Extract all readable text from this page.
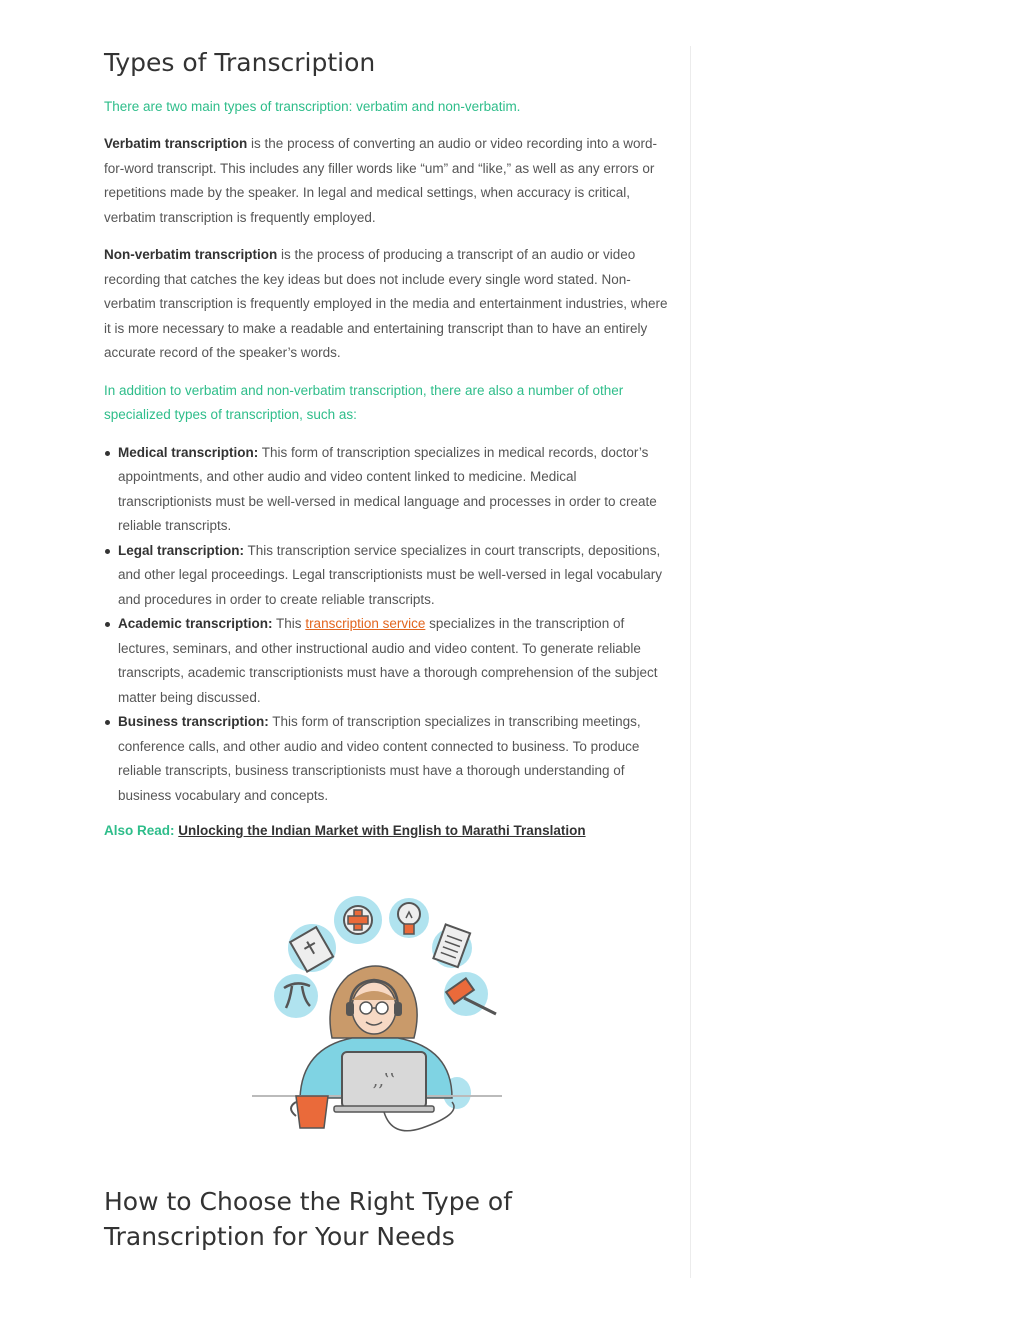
Types of Transcription

There are two main types of transcription: verbatim and non-verbatim.

Verbatim transcription is the process of converting an audio or video recording into a word-for-word transcript. This includes any filler words like “um” and “like,” as well as any errors or repetitions made by the speaker. In legal and medical settings, when accuracy is critical, verbatim transcription is frequently employed.

Non-verbatim transcription is the process of producing a transcript of an audio or video recording that catches the key ideas but does not include every single word stated. Non-verbatim transcription is frequently employed in the media and entertainment industries, where it is more necessary to make a readable and entertaining transcript than to have an entirely accurate record of the speaker’s words.

In addition to verbatim and non-verbatim transcription, there are also a number of other specialized types of transcription, such as:

Medical transcription: This form of transcription specializes in medical records, doctor’s appointments, and other audio and video content linked to medicine. Medical transcriptionists must be well-versed in medical language and processes in order to create reliable transcripts.
Legal transcription: This transcription service specializes in court transcripts, depositions, and other legal proceedings. Legal transcriptionists must be well-versed in legal vocabulary and procedures in order to create reliable transcripts.
Academic transcription: This transcription service specializes in the transcription of lectures, seminars, and other instructional audio and video content. To generate reliable transcripts, academic transcriptionists must have a thorough comprehension of the subject matter being discussed.
Business transcription: This form of transcription specializes in transcribing meetings, conference calls, and other audio and video content connected to business. To produce reliable transcripts, business transcriptionists must have a thorough understanding of business vocabulary and concepts.

Also Read: Unlocking the Indian Market with English to Marathi Translation

‚‚‛‛
How to Choose the Right Type of Transcription for Your Needs
